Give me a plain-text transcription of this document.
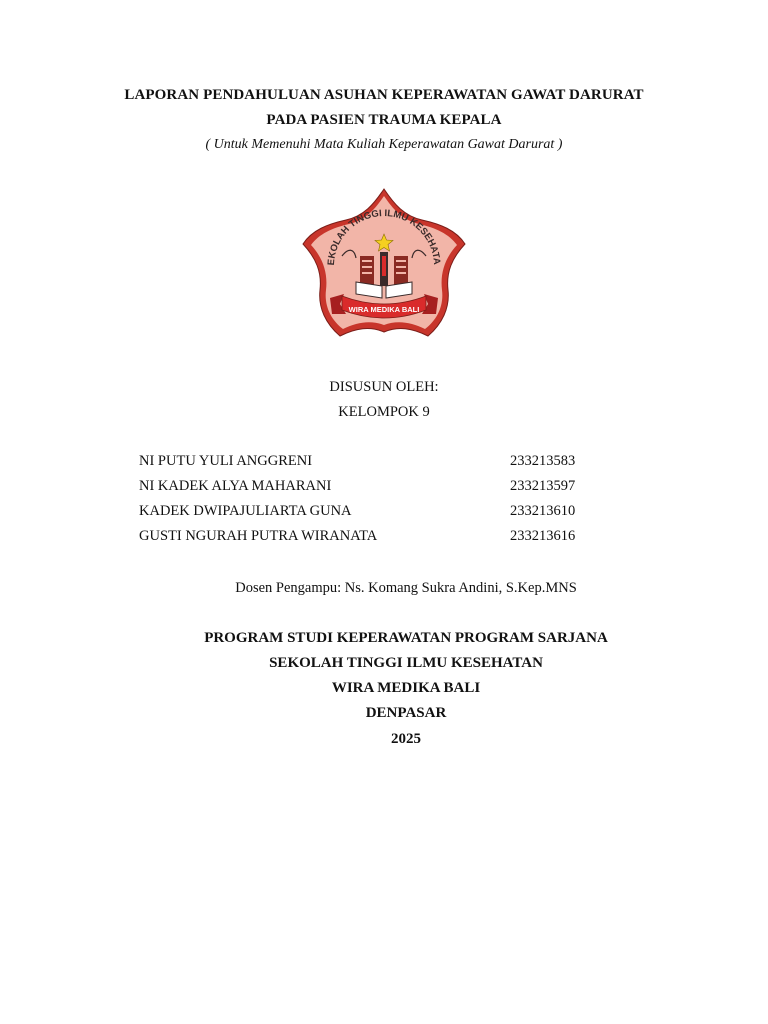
LAPORAN PENDAHULUAN ASUHAN KEPERAWATAN GAWAT DARURAT
PADA PASIEN TRAUMA KEPALA
( Untuk Memenuhi Mata Kuliah Keperawatan Gawat Darurat )
EKOLAH TINGGI ILMU KESEHATA
WIRA MEDIKA BALI
DISUSUN OLEH:
KELOMPOK 9
NI PUTU YULI ANGGRENI	233213583
NI KADEK ALYA MAHARANI	233213597
KADEK DWIPAJULIARTA GUNA	233213610
GUSTI NGURAH PUTRA WIRANATA	233213616
Dosen Pengampu: Ns. Komang Sukra Andini, S.Kep.MNS
PROGRAM STUDI KEPERAWATAN PROGRAM SARJANA
SEKOLAH TINGGI ILMU KESEHATAN
WIRA MEDIKA BALI
DENPASAR
2025
